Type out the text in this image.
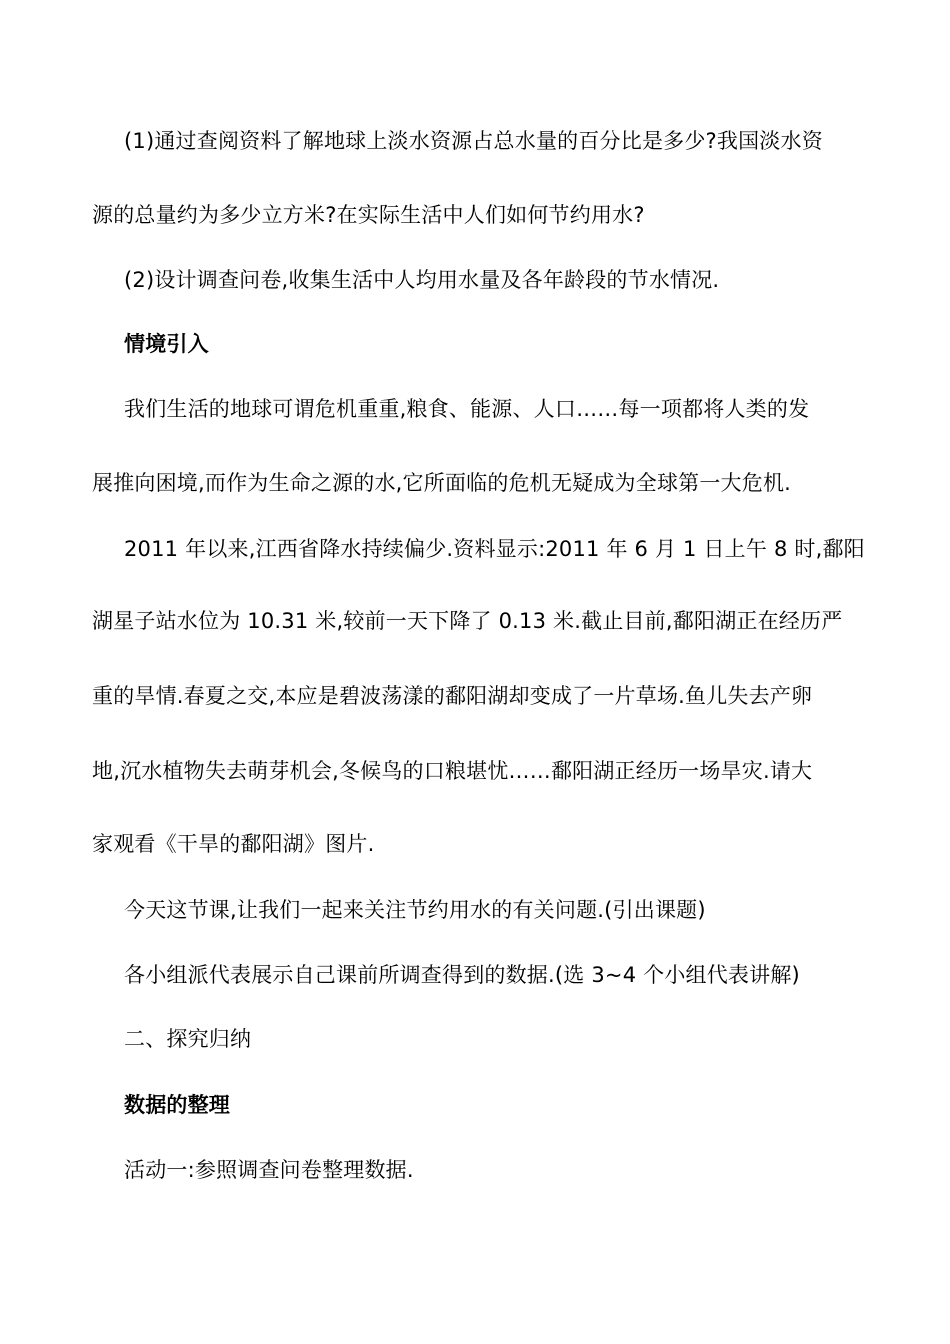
(1)通过查阅资料了解地球上淡水资源占总水量的百分比是多少?我国淡水资
源的总量约为多少立方米?在实际生活中人们如何节约用水?
(2)设计调查问卷,收集生活中人均用水量及各年龄段的节水情况.
情境引入
我们生活的地球可谓危机重重,粮食、能源、人口……每一项都将人类的发
展推向困境,而作为生命之源的水,它所面临的危机无疑成为全球第一大危机.
2011 年以来,江西省降水持续偏少.资料显示:2011 年 6 月 1 日上午 8 时,鄱阳
湖星子站水位为 10.31 米,较前一天下降了 0.13 米.截止目前,鄱阳湖正在经历严
重的旱情.春夏之交,本应是碧波荡漾的鄱阳湖却变成了一片草场.鱼儿失去产卵
地,沉水植物失去萌芽机会,冬候鸟的口粮堪忧……鄱阳湖正经历一场旱灾.请大
家观看《干旱的鄱阳湖》图片.
今天这节课,让我们一起来关注节约用水的有关问题.(引出课题)
各小组派代表展示自己课前所调查得到的数据.(选 3~4 个小组代表讲解)
二、探究归纳
数据的整理
活动一:参照调查问卷整理数据.
